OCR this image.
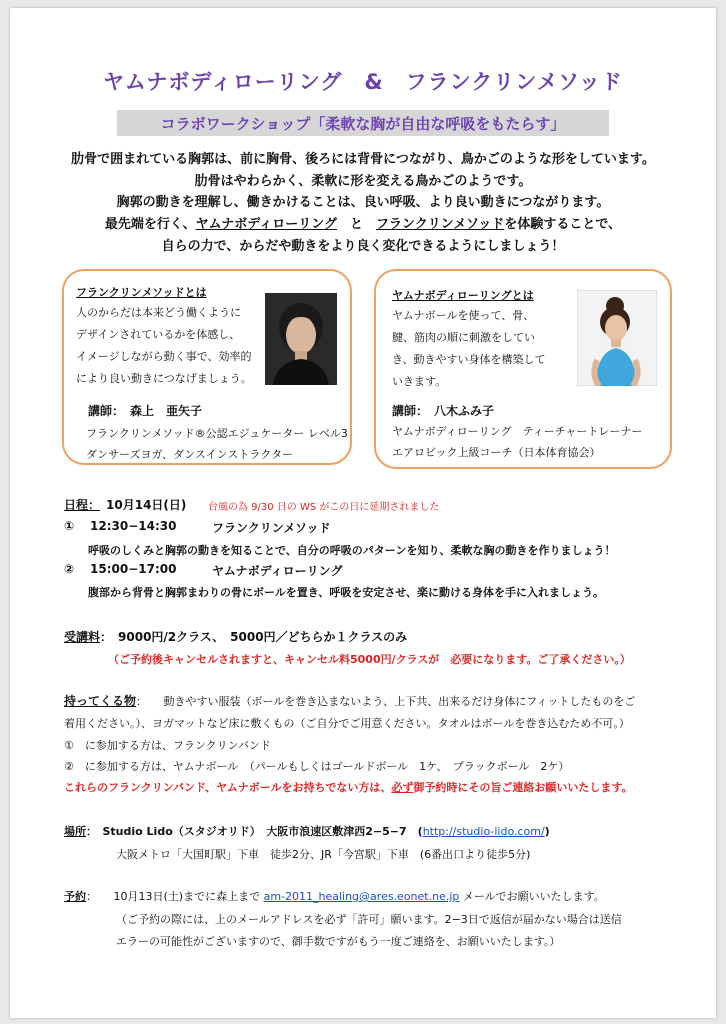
ヤムナボディローリング　&　フランクリンメソッド
コラボワークショップ「柔軟な胸が自由な呼吸をもたらす」
肋骨で囲まれている胸郭は、前に胸骨、後ろには背骨につながり、鳥かごのような形をしています。
肋骨はやわらかく、柔軟に形を変える鳥かごのようです。
胸郭の動きを理解し、働きかけることは、良い呼吸、より良い動きにつながります。
最先端を行く、ヤムナボディローリング　と　フランクリンメソッドを体験することで、
自らの力で、からだや動きをより良く変化できるようにしましょう！
フランクリンメソッドとは
人のからだは本来どう働くように
デザインされているかを体感し、
イメージしながら動く事で、効率的
により良い動きにつなげましょう。
講師：　森上　亜矢子
フランクリンメソッド®公認エジュケーター レベル3
ダンサーズヨガ、ダンスインストラクター
ヤムナボディローリングとは
ヤムナボールを使って、骨、
腱、筋肉の順に刺激をしてい
き、動きやすい身体を構築して
いきます。
講師：　八木ふみ子
ヤムナボディローリング　ティーチャートレーナー
エアロビック上級コーチ（日本体育協会）
日程： 10月14日(日) 台風の為 9/30 日の WS がこの日に延期されました
① 12:30−14:30	フランクリンメソッド
呼吸のしくみと胸郭の動きを知ることで、自分の呼吸のパターンを知り、柔軟な胸の動きを作りましょう！
② 15:00−17:00	ヤムナボディローリング
腹部から背骨と胸郭まわりの骨にボールを置き、呼吸を安定させ、楽に動ける身体を手に入れましょう。
受講料：　9000円/2クラス、　5000円／どちらか１クラスのみ
（ご予約後キャンセルされますと、キャンセル料5000円/クラスが　必要になります。ご了承ください。）
持ってくる物：　　動きやすい服装（ボールを巻き込まないよう、上下共、出来るだけ身体にフィットしたものをご
着用ください。）、ヨガマットなど床に敷くもの（ご自分でご用意ください。タオルはボールを巻き込むため不可。）
①　に参加する方は、フランクリンバンド
②　に参加する方は、ヤムナボール　（パールもしくはゴールドボール　1ケ、　ブラックボール　2ケ）
これらのフランクリンバンド、ヤムナボールをお持ちでない方は、必ず御予約時にその旨ご連絡お願いいたします。
場所：　Studio Lido（スタジオリド）　大阪市浪速区敷津西2−5−7　(http://studio-lido.com/)
大阪メトロ「大国町駅」下車　徒歩2分、JR「今宮駅」下車　(6番出口より徒歩5分)
予約：　　10月13日(土)までに森上まで am-2011_healing@ares.eonet.ne.jp メールでお願いいたします。
（ご予約の際には、上のメールアドレスを必ず「許可」願います。2−3日で返信が届かない場合は送信
エラーの可能性がございますので、御手数ですがもう一度ご連絡を、お願いいたします。）
